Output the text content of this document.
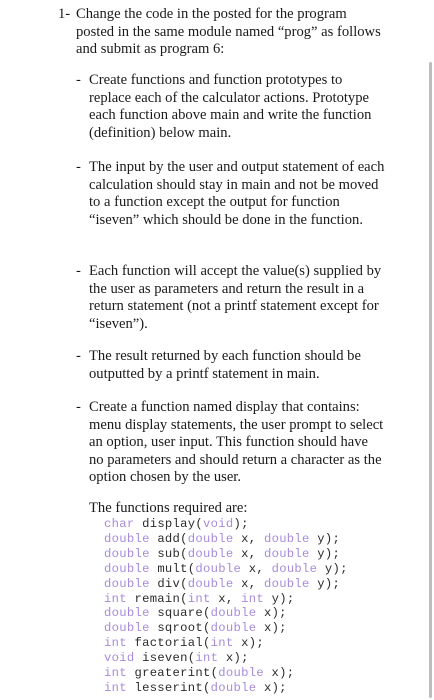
1- Change the code in the posted for the program posted in the same module named “prog” as follows and submit as program 6:
- Create functions and function prototypes to replace each of the calculator actions. Prototype each function above main and write the function (definition) below main.
- The input by the user and output statement of each calculation should stay in main and not be moved to a function except the output for function “iseven” which should be done in the function.
- Each function will accept the value(s) supplied by the user as parameters and return the result in a return statement (not a printf statement except for “iseven”).
- The result returned by each function should be outputted by a printf statement in main.
- Create a function named display that contains: menu display statements, the user prompt to select an option, user input. This function should have no parameters and should return a character as the option chosen by the user.
The functions required are:
char display(void);
double add(double x, double y);
double sub(double x, double y);
double mult(double x, double y);
double div(double x, double y);
int remain(int x, int y);
double square(double x);
double sqroot(double x);
int factorial(int x);
void iseven(int x);
int greaterint(double x);
int lesserint(double x);
